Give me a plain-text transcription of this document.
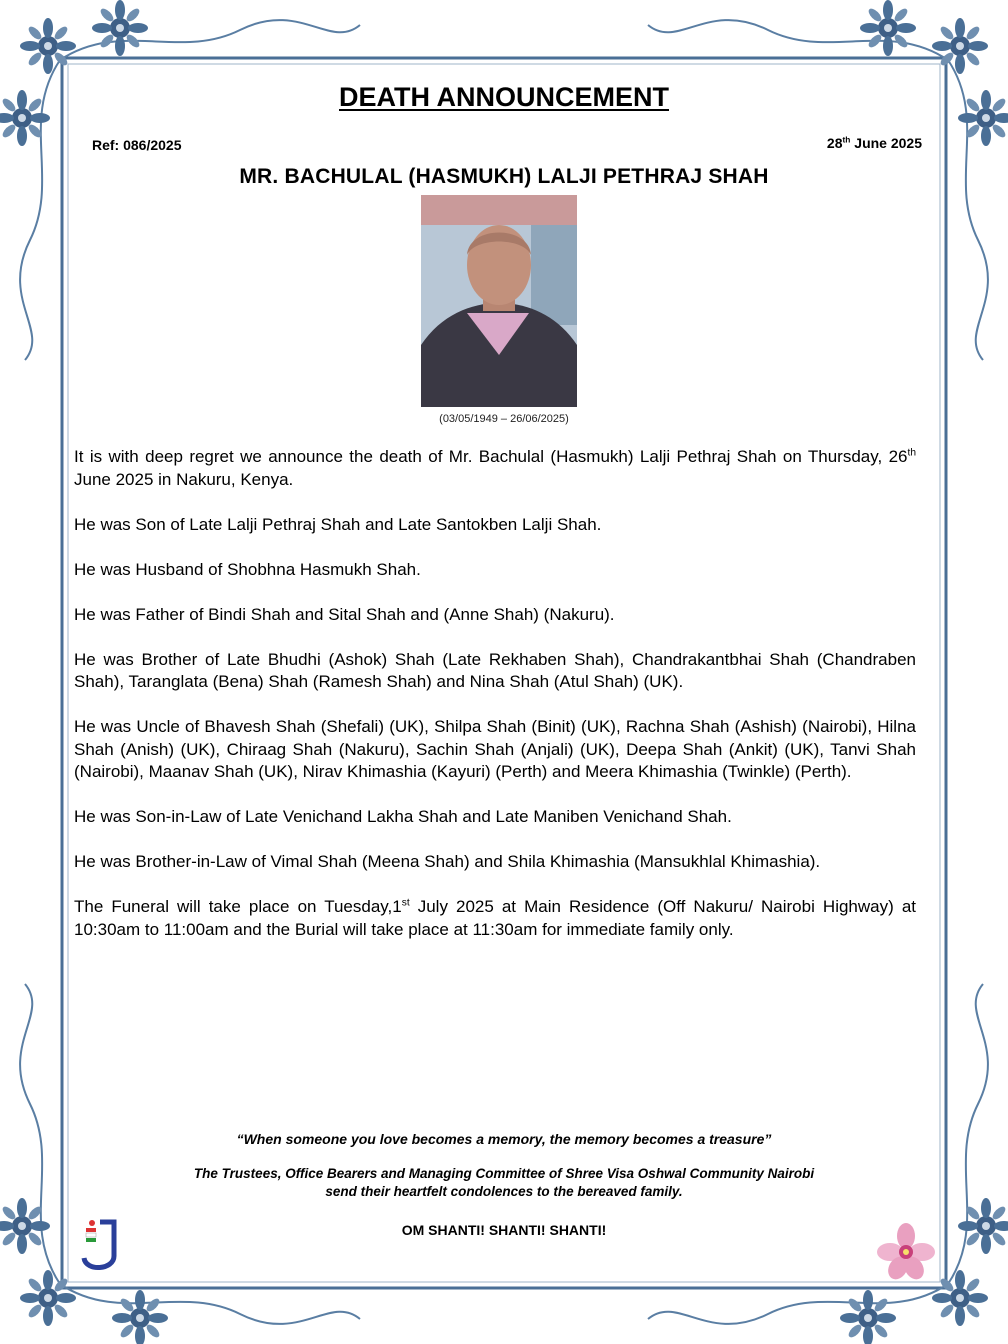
DEATH ANNOUNCEMENT
Ref: 086/2025	28th June 2025
MR. BACHULAL (HASMUKH) LALJI PETHRAJ SHAH
(03/05/1949 – 26/06/2025)

It is with deep regret we announce the death of Mr. Bachulal (Hasmukh) Lalji Pethraj Shah on Thursday, 26th June 2025 in Nakuru, Kenya.

He was Son of Late Lalji Pethraj Shah and Late Santokben Lalji Shah.

He was Husband of Shobhna Hasmukh Shah.

He was Father of Bindi Shah and Sital Shah and (Anne Shah) (Nakuru).

He was Brother of Late Bhudhi (Ashok) Shah (Late Rekhaben Shah), Chandrakantbhai Shah (Chandraben Shah), Taranglata (Bena) Shah (Ramesh Shah) and Nina Shah (Atul Shah) (UK).

He was Uncle of Bhavesh Shah (Shefali) (UK), Shilpa Shah (Binit) (UK), Rachna Shah (Ashish) (Nairobi), Hilna Shah (Anish) (UK), Chiraag Shah (Nakuru), Sachin Shah (Anjali) (UK), Deepa Shah (Ankit) (UK), Tanvi Shah (Nairobi), Maanav Shah (UK), Nirav Khimashia (Kayuri) (Perth) and Meera Khimashia (Twinkle) (Perth).

He was Son-in-Law of Late Venichand Lakha Shah and Late Maniben Venichand Shah.

He was Brother-in-Law of Vimal Shah (Meena Shah) and Shila Khimashia (Mansukhlal Khimashia).

The Funeral will take place on Tuesday,1st July 2025 at Main Residence (Off Nakuru/ Nairobi Highway) at 10:30am to 11:00am and the Burial will take place at 11:30am for immediate family only.

“When someone you love becomes a memory, the memory becomes a treasure”
The Trustees, Office Bearers and Managing Committee of Shree Visa Oshwal Community Nairobi
send their heartfelt condolences to the bereaved family.
OM SHANTI! SHANTI! SHANTI!
